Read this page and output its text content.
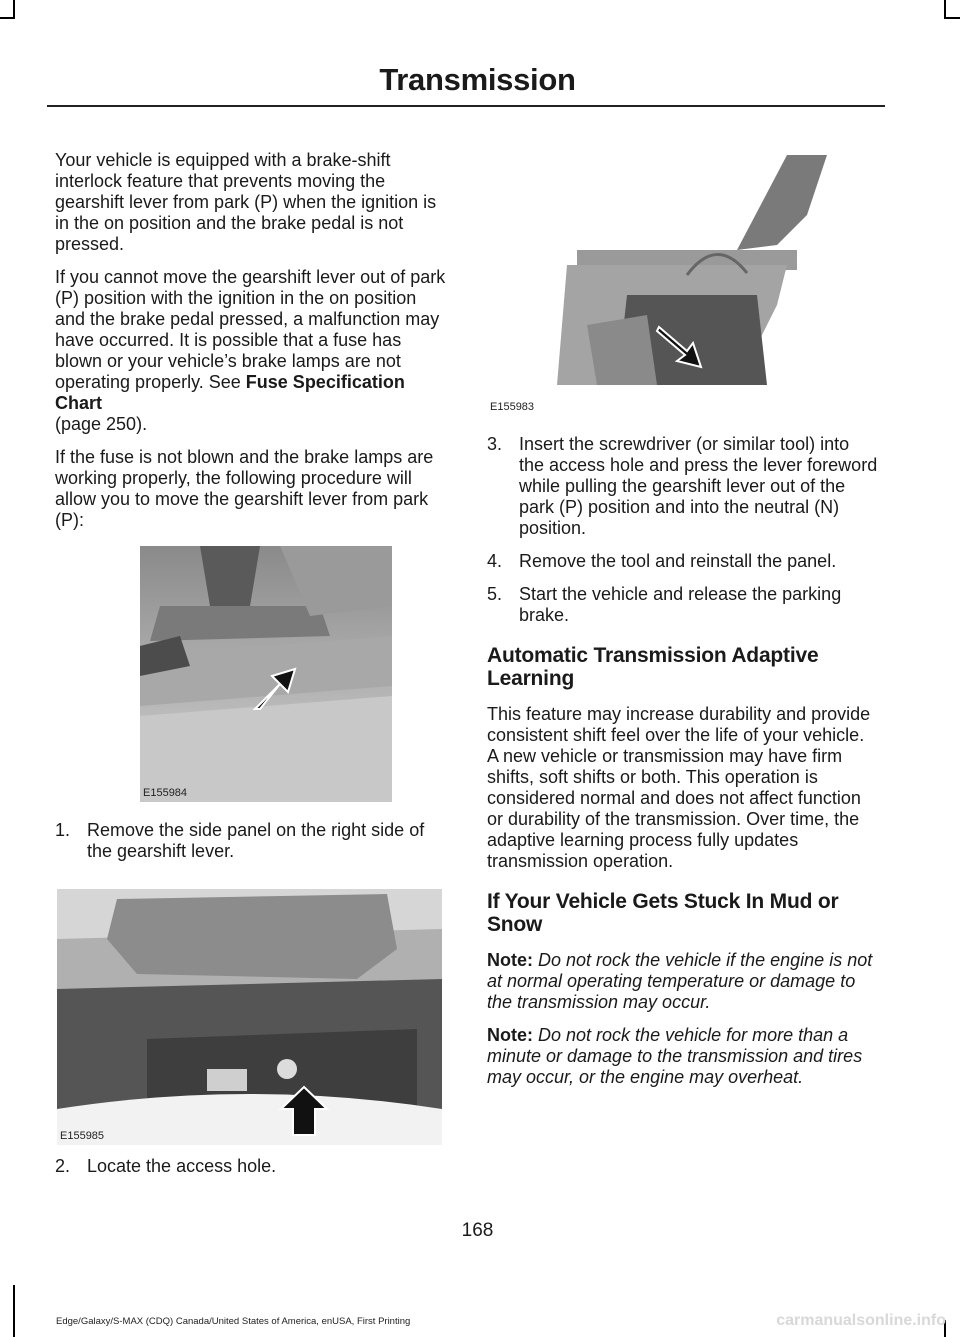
Transmission

Your vehicle is equipped with a brake-shift interlock feature that prevents moving the gearshift lever from park (P) when the ignition is in the on position and the brake pedal is not pressed.

If you cannot move the gearshift lever out of park (P) position with the ignition in the on position and the brake pedal pressed, a malfunction may have occurred. It is possible that a fuse has blown or your vehicle’s brake lamps are not operating properly. See Fuse Specification Chart
(page 250).

If the fuse is not blown and the brake lamps are working properly, the following procedure will allow you to move the gearshift lever from park (P):

E155984
1. Remove the side panel on the right side of the gearshift lever.
E155985
2. Locate the access hole.
E155983
3. Insert the screwdriver (or similar tool) into the access hole and press the lever foreword while pulling the gearshift lever out of the park (P) position and into the neutral (N) position.
4. Remove the tool and reinstall the panel.
5. Start the vehicle and release the parking brake.
Automatic Transmission Adaptive Learning

This feature may increase durability and provide consistent shift feel over the life of your vehicle. A new vehicle or transmission may have firm shifts, soft shifts or both. This operation is considered normal and does not affect function or durability of the transmission. Over time, the adaptive learning process fully updates transmission operation.

If Your Vehicle Gets Stuck In Mud or Snow

Note: Do not rock the vehicle if the engine is not at normal operating temperature or damage to the transmission may occur.

Note: Do not rock the vehicle for more than a minute or damage to the transmission and tires may occur, or the engine may overheat.

168
Edge/Galaxy/S-MAX (CDQ) Canada/United States of America, enUSA, First Printing	carmanualsonline.info
